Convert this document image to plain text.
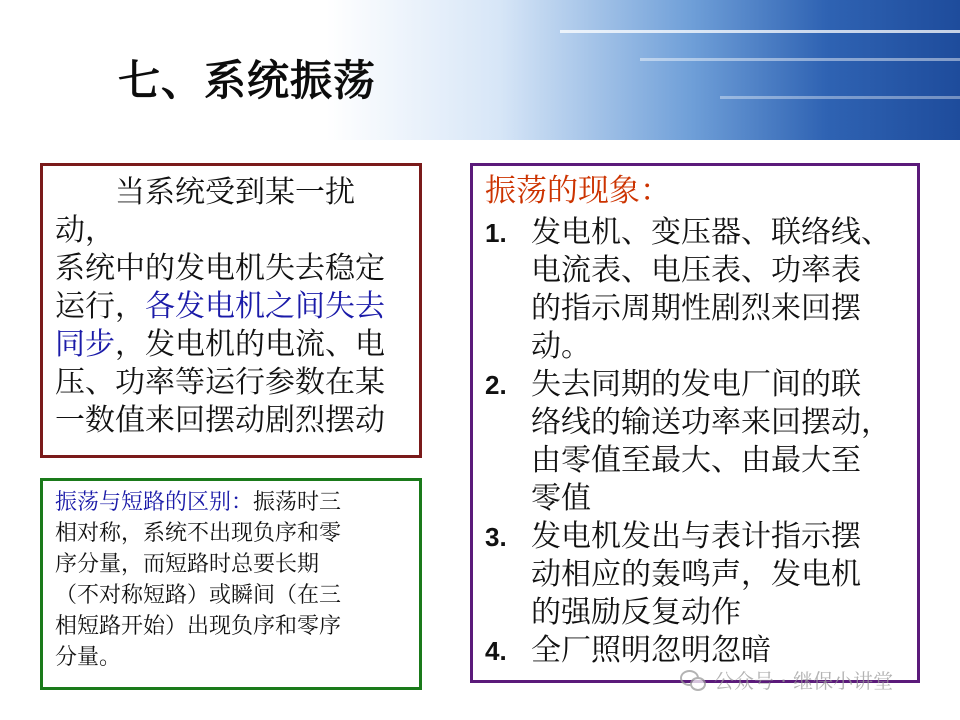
七、系统振荡
当系统受到某一扰动，
系统中的发电机失去稳定
运行，各发电机之间失去
同步，发电机的电流、电
压、功率等运行参数在某
一数值来回摆动剧烈摆动
振荡与短路的区别：振荡时三
相对称，系统不出现负序和零
序分量，而短路时总要长期
（不对称短路）或瞬间（在三
相短路开始）出现负序和零序
分量。
振荡的现象：
1. 发电机、变压器、联络线、
电流表、电压表、功率表
的指示周期性剧烈来回摆
动。
2. 失去同期的发电厂间的联
络线的输送功率来回摆动，
由零值至最大、由最大至
零值
3. 发电机发出与表计指示摆
动相应的轰鸣声，发电机
的强励反复动作
4. 全厂照明忽明忽暗
公众号 · 继保小讲堂
